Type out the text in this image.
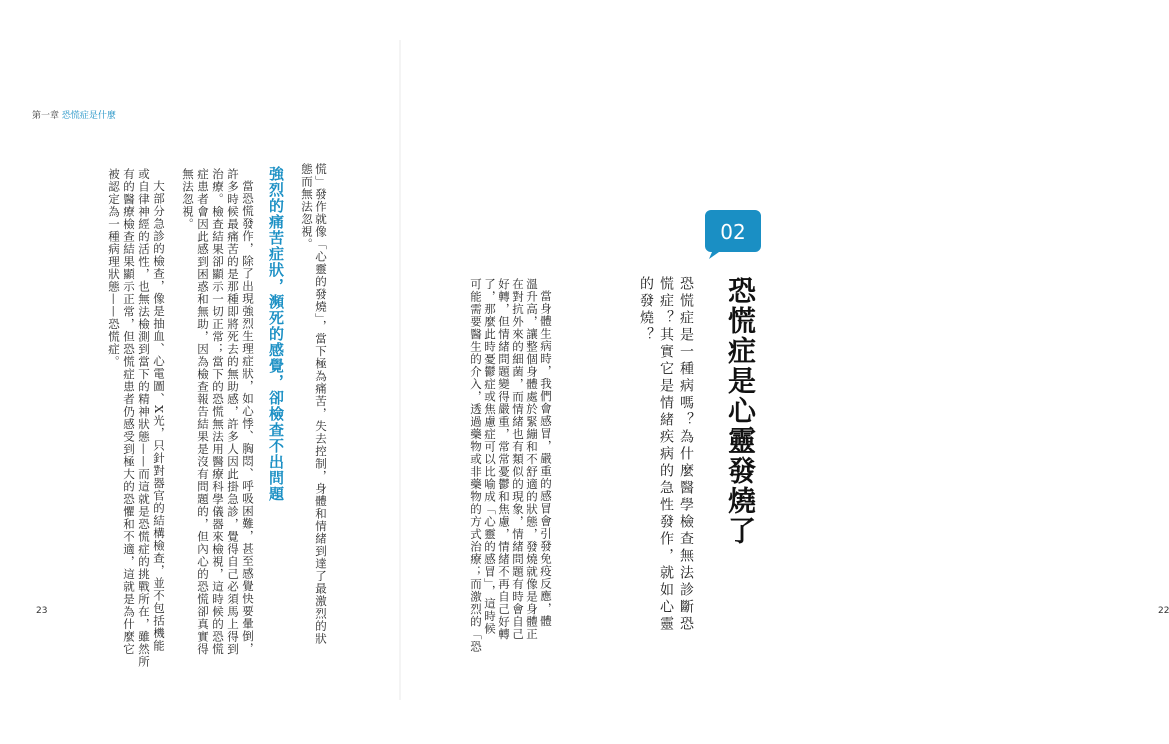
第一章 恐慌症是什麼
慌」發作就像「心靈的發燒」，當下極為痛苦，失去控制，身體和情緒到達了最激烈的狀
態而無法忽視。
強烈的痛苦症狀，瀕死的感覺，卻檢查不出問題
當恐慌發作，除了出現強烈生理症狀，如心悸、胸悶、呼吸困難，甚至感覺快要暈倒，
許多時候最痛苦的是那種即將死去的無助感，許多人因此掛急診，覺得自己必須馬上得到
治療。檢查結果卻顯示一切正常；當下的恐慌無法用醫療科學儀器來檢視，這時候的恐慌
症患者會因此感到困惑和無助，因為檢查報告結果是沒有問題的，但內心的恐慌卻真實得
無法忽視。
大部分急診的檢查，像是抽血、心電圖、X光，只針對器官的結構檢查，並不包括機能
或自律神經的活性，也無法檢測到當下的精神狀態——而這就是恐慌症的挑戰所在，雖然所
有的醫療檢查結果顯示正常，但恐慌症患者仍感受到極大的恐懼和不適，這就是為什麼它
被認定為一種病理狀態——恐慌症。
23	當身體生病時，我們會感冒，嚴重的感冒會引發免疫反應，體
溫升高，讓整個身體處於緊繃和不舒適的狀態，發燒就像是身體正
在對抗外來的細菌，而情緒也有類似的現象，情緒問題有時會自己
好轉，但情緒問題變得嚴重，常常憂鬱和焦慮，情緒不再自己好轉
了，那麼此時憂鬱症或焦慮症可以比喻成「心靈的感冒」，這時候
可能需要醫生的介入，透過藥物或非藥物的方式治療；而激烈的「恐	恐慌症是一種病嗎？為什麼醫學檢查無法診斷恐
慌症？其實它是情緒疾病的急性發作，就如心靈
的發燒？	恐慌症是心靈發燒了
22
02
